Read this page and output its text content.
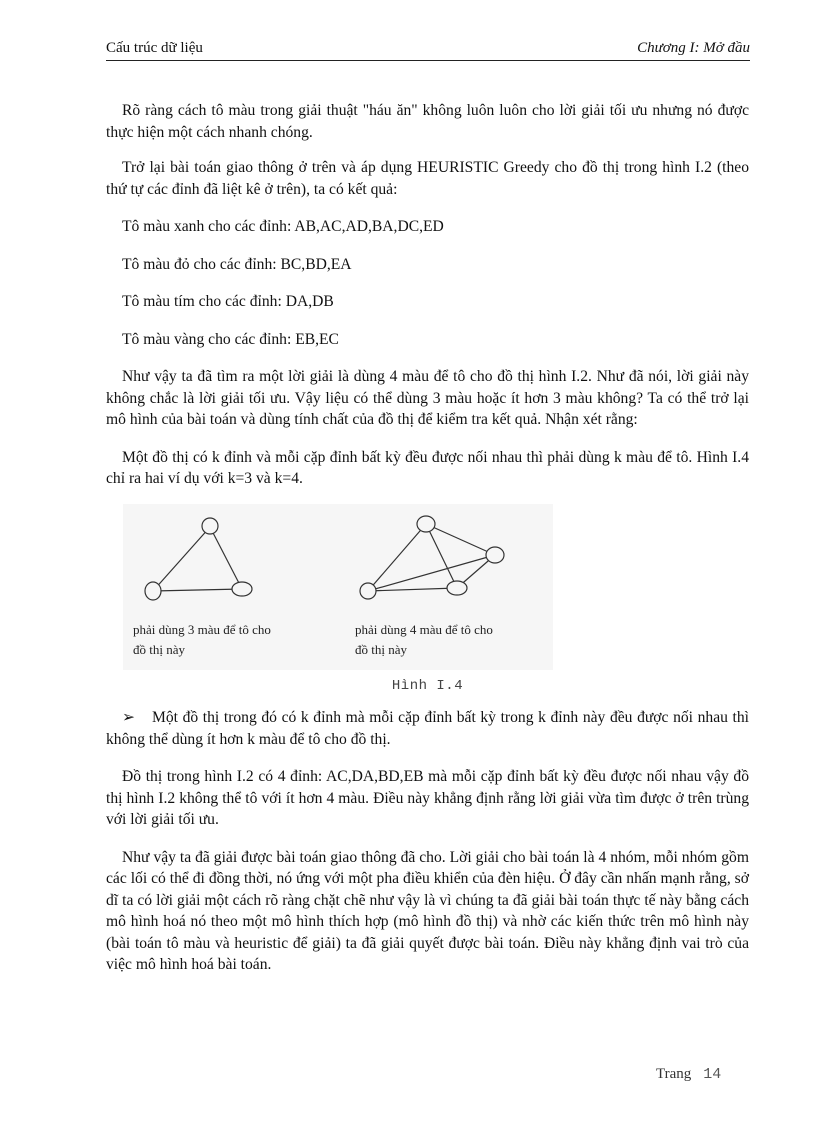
Cấu trúc dữ liệu	Chương I: Mở đầu

Rõ ràng cách tô màu trong giải thuật "háu ăn" không luôn luôn cho lời giải tối ưu nhưng nó được thực hiện một cách nhanh chóng.

Trở lại bài toán giao thông ở trên và áp dụng HEURISTIC Greedy cho đồ thị trong hình I.2 (theo thứ tự các đỉnh đã liệt kê ở trên), ta có kết quả:

Tô màu xanh cho các đỉnh: AB,AC,AD,BA,DC,ED

Tô màu đỏ cho các đỉnh: BC,BD,EA

Tô màu tím cho các đỉnh: DA,DB

Tô màu vàng cho các đỉnh: EB,EC

Như vậy ta đã tìm ra một lời giải là dùng 4 màu để tô cho đồ thị hình I.2. Như đã nói, lời giải này không chắc là lời giải tối ưu. Vậy liệu có thể dùng 3 màu hoặc ít hơn 3 màu không? Ta có thể trở lại mô hình của bài toán và dùng tính chất của đồ thị để kiểm tra kết quả. Nhận xét rằng:

Một đồ thị có k đỉnh và mỗi cặp đỉnh bất kỳ đều được nối nhau thì phải dùng k màu để tô. Hình I.4 chỉ ra hai ví dụ với k=3 và k=4.

phải dùng 3 màu để tô cho
đồ thị này
phải dùng 4 màu để tô cho
đồ thị này

Hình I.4

➢ Một đồ thị trong đó có k đỉnh mà mỗi cặp đỉnh bất kỳ trong k đỉnh này đều được nối nhau thì không thể dùng ít hơn k màu để tô cho đồ thị.

Đồ thị trong hình I.2 có 4 đỉnh: AC,DA,BD,EB mà mỗi cặp đỉnh bất kỳ đều được nối nhau vậy đồ thị hình I.2 không thể tô với ít hơn 4 màu. Điều này khẳng định rằng lời giải vừa tìm được ở trên trùng với lời giải tối ưu.

Như vậy ta đã giải được bài toán giao thông đã cho. Lời giải cho bài toán là 4 nhóm, mỗi nhóm gồm các lối có thể đi đồng thời, nó ứng với một pha điều khiển của đèn hiệu. Ở đây cần nhấn mạnh rằng, sở dĩ ta có lời giải một cách rõ ràng chặt chẽ như vậy là vì chúng ta đã giải bài toán thực tế này bằng cách mô hình hoá nó theo một mô hình thích hợp (mô hình đồ thị) và nhờ các kiến thức trên mô hình này (bài toán tô màu và heuristic để giải) ta đã giải quyết được bài toán. Điều này khẳng định vai trò của việc mô hình hoá bài toán.

Trang 14
